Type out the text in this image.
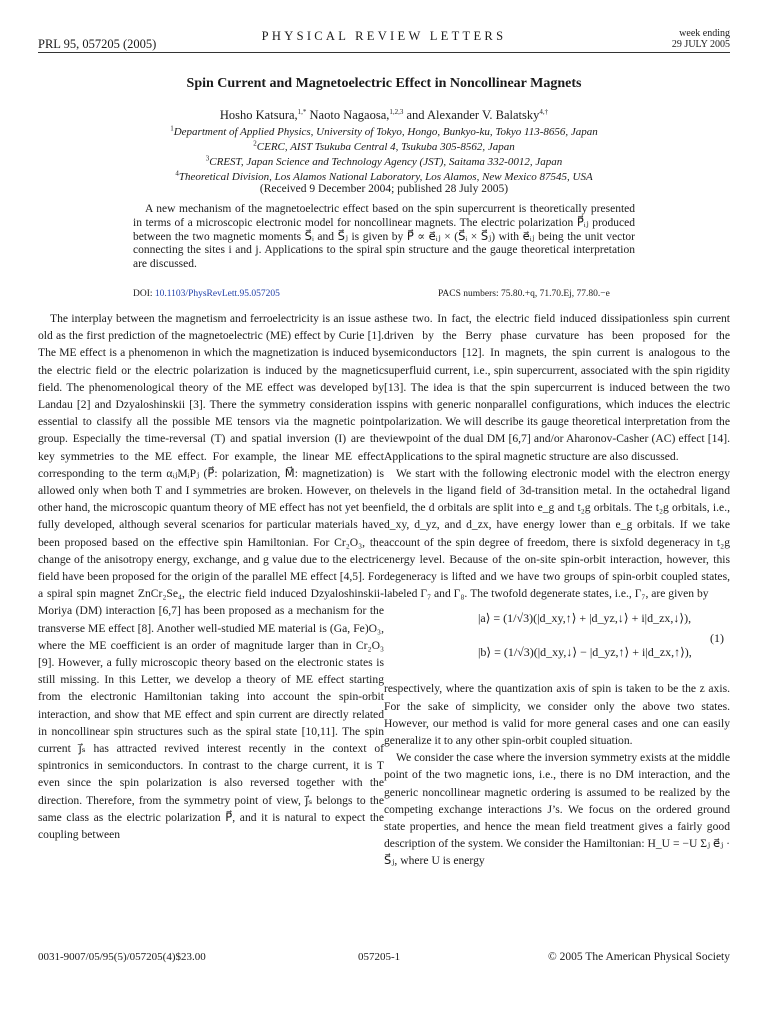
PRL 95, 057205 (2005)
PHYSICAL REVIEW LETTERS	week ending
29 JULY 2005
Spin Current and Magnetoelectric Effect in Noncollinear Magnets
Hosho Katsura,$^{1,*}$ Naoto Nagaosa,$^{1,2,3}$ and Alexander V. Balatsky$^{4,\dagger}$
$^1$Department of Applied Physics, University of Tokyo, Hongo, Bunkyo-ku, Tokyo 113-8656, Japan
$^2$CERC, AIST Tsukuba Central 4, Tsukuba 305-8562, Japan
$^3$CREST, Japan Science and Technology Agency (JST), Saitama 332-0012, Japan
$^4$Theoretical Division, Los Alamos National Laboratory, Los Alamos, New Mexico 87545, USA
(Received 9 December 2004; published 28 July 2005)
A new mechanism of the magnetoelectric effect based on the spin supercurrent is theoretically presented in terms of a microscopic electronic model for noncollinear magnets. The electric polarization P⃗ᵢⱼ produced between the two magnetic moments S⃗ᵢ and S⃗ⱼ is given by P⃗ ∝ e⃗ᵢⱼ × (S⃗ᵢ × S⃗ⱼ) with e⃗ᵢⱼ being the unit vector connecting the sites i and j. Applications to the spiral spin structure and the gauge theoretical interpretation are discussed.
DOI: 10.1103/PhysRevLett.95.057205	PACS numbers: 75.80.+q, 71.70.Ej, 77.80.−e

The interplay between the magnetism and ferroelectricity is an issue as old as the first prediction of the magnetoelectric (ME) effect by Curie [1]. The ME effect is a phenomenon in which the magnetization is induced by the electric field or the electric polarization is induced by the magnetic field. The phenomenological theory of the ME effect was developed by Landau [2] and Dzyaloshinskii [3]. There the symmetry consideration is essential to classify all the possible ME tensors via the magnetic point group. Especially the time-reversal (T) and spatial inversion (I) are the key symmetries to the ME effect. For example, the linear ME effect corresponding to the term αᵢⱼMᵢPⱼ (P⃗: polarization, M⃗: magnetization) is allowed only when both T and I symmetries are broken. However, on the other hand, the microscopic quantum theory of ME effect has not yet been fully developed, although several scenarios for particular materials have been proposed based on the effective spin Hamiltonian. For Cr₂O₃, the change of the anisotropy energy, exchange, and g value due to the electric field have been proposed for the origin of the parallel ME effect [4,5]. For a spiral spin magnet ZnCr₂Se₄, the electric field induced Dzyaloshinskii-Moriya (DM) interaction [6,7] has been proposed as a mechanism for the transverse ME effect [8]. Another well-studied ME material is (Ga, Fe)O₃, where the ME coefficient is an order of magnitude larger than in Cr₂O₃ [9]. However, a fully microscopic theory based on the electronic states is still missing. In this Letter, we develop a theory of ME effect starting from the electronic Hamiltonian taking into account the spin-orbit interaction, and show that ME effect and spin current are directly related in noncollinear spin structures such as the spiral state [10,11]. The spin current j⃗ₛ has attracted revived interest recently in the context of spintronics in semiconductors. In contrast to the charge current, it is T even since the spin polarization is also reversed together with the direction. Therefore, from the symmetry point of view, j⃗ₛ belongs to the same class as the electric polarization P⃗, and it is natural to expect the coupling between

these two. In fact, the electric field induced dissipationless spin current driven by the Berry phase curvature has been proposed for the semiconductors [12]. In magnets, the spin current is analogous to the superfluid current, i.e., spin supercurrent, associated with the spin rigidity [13]. The idea is that the spin supercurrent is induced between the two spins with generic nonparallel configurations, which induces the electric polarization. We will describe its gauge theoretical interpretation from the viewpoint of the dual DM [6,7] and/or Aharonov-Casher (AC) effect [14]. Applications to the spiral magnetic structure are also discussed.

We start with the following electronic model with the electron energy levels in the ligand field of 3d-transition metal. In the octahedral ligand field, the d orbitals are split into e_g and t₂g orbitals. The t₂g orbitals, i.e., d_xy, d_yz, and d_zx, have energy lower than e_g orbitals. If we take account of the spin degree of freedom, there is sixfold degeneracy in t₂g energy level. Because of the on-site spin-orbit interaction, however, this degeneracy is lifted and we have two groups of spin-orbit coupled states, labeled Γ₇ and Γ₈. The twofold degenerate states, i.e., Γ₇, are given by

|a⟩ = (1/√3)(|d_xy,↑⟩ + |d_yz,↓⟩ + i|d_zx,↓⟩),
|b⟩ = (1/√3)(|d_xy,↓⟩ − |d_yz,↑⟩ + i|d_zx,↑⟩),
(1)

respectively, where the quantization axis of spin is taken to be the z axis. For the sake of simplicity, we consider only the above two states. However, our method is valid for more general cases and one can easily generalize it to any other spin-orbit coupled situation.

We consider the case where the inversion symmetry exists at the middle point of the two magnetic ions, i.e., there is no DM interaction, and the generic noncollinear magnetic ordering is assumed to be realized by the competing exchange interactions J’s. We focus on the ordered ground state properties, and hence the mean field treatment gives a fairly good description of the system. We consider the Hamiltonian: H_U = −U Σⱼ e⃗ⱼ · S⃗ⱼ, where U is energy

0031-9007/05/95(5)/057205(4)$23.00	057205-1	© 2005 The American Physical Society
